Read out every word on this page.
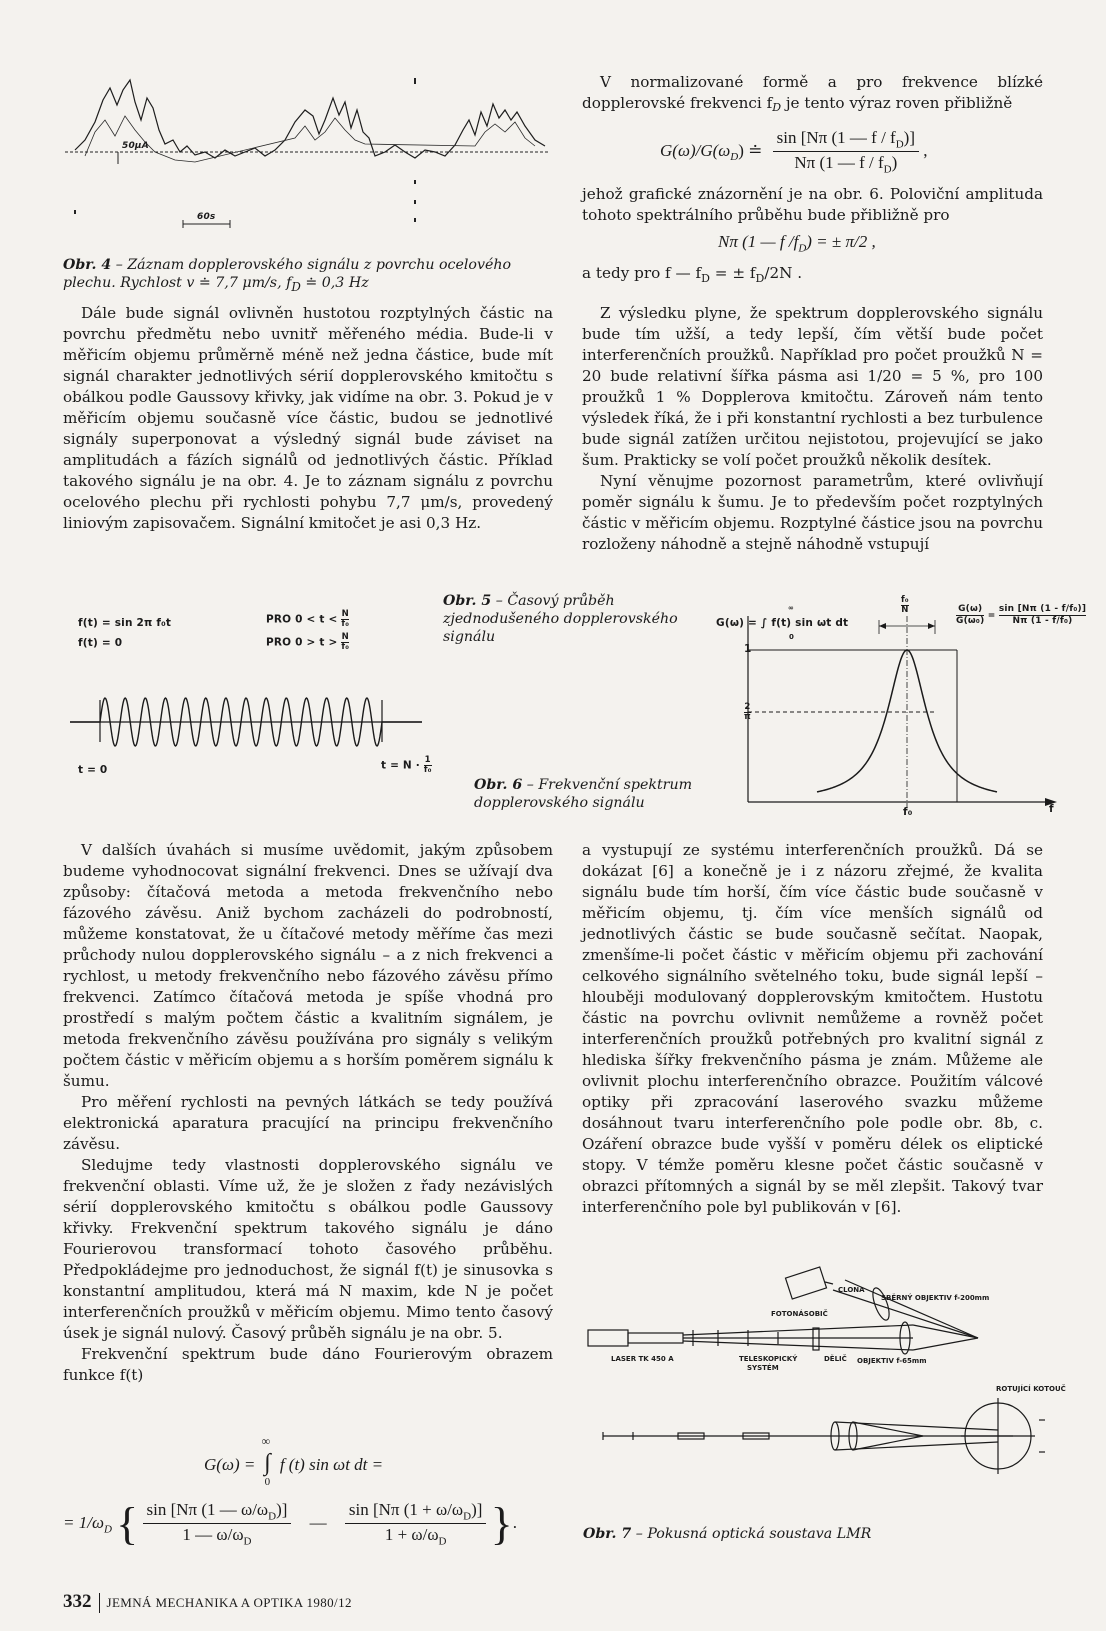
50μA
60s
Obr. 4 – Záznam dopplerovského signálu z povrchu ocelového plechu. Rychlost v ≐ 7,7 μm/s, $f_D$ ≐ 0,3 Hz

Dále bude signál ovlivněn hustotou rozptylných částic na povrchu předmětu nebo uvnitř měřeného média. Bude-li v měřicím objemu průměrně méně než jedna částice, bude mít signál charakter jednotlivých sérií dopplerovského kmitočtu s obálkou podle Gaussovy křivky, jak vidíme na obr. 3. Pokud je v měřicím objemu současně více částic, budou se jednotlivé signály superponovat a výsledný signál bude záviset na amplitudách a fázích signálů od jednotlivých částic. Příklad takového signálu je na obr. 4. Je to záznam signálu z povrchu ocelového plechu při rychlosti pohybu 7,7 μm/s, provedený liniovým zapisovačem. Signální kmitočet je asi 0,3 Hz.

V normalizované formě a pro frekvence blízké dopplerovské frekvenci fD je tento výraz roven přibližně

$G(\omega)/G(\omega_D)$ ≐ $\frac{\sin [N\pi (1 — f / f_D)]}{N\pi (1 — f / f_D)}$ ,

jehož grafické znázornění je na obr. 6. Poloviční amplituda tohoto spektrálního průběhu bude přibližně pro

Nπ (1 — f $/f_D$) = ± π/2 ,

a tedy pro f — $f_D$ = ± $f_D/2N$ .

Z výsledku plyne, že spektrum dopplerovského signálu bude tím užší, a tedy lepší, čím větší bude počet interferenčních proužků. Například pro počet proužků N = 20 bude relativní šířka pásma asi 1/20 = 5 %, pro 100 proužků 1 % Dopplerova kmitočtu. Zároveň nám tento výsledek říká, že i při konstantní rychlosti a bez turbulence bude signál zatížen určitou nejistotou, projevující se jako šum. Prakticky se volí počet proužků několik desítek.

Nyní věnujme pozornost parametrům, které ovlivňují poměr signálu k šumu. Je to především počet rozptylných částic v měřicím objemu. Rozptylné částice jsou na povrchu rozloženy náhodně a stejně náhodně vstupují

f(t) = sin 2π f₀t
f(t) = 0
PRO $0 < t < \frac{N}{\text{f₀}}$
PRO $0 > t > \frac{N}{\text{f₀}}$
t = 0	$t = N \cdot \frac{1}{\text{f₀}}$
Obr. 5 – Časový průběh zjednodušeného dopplerovského signálu
G(ω) = ∫ f(t) sin ωt dt
∞
0
f₀
N	$\frac{G(\omega)}{\text{G(ω₀)}} = \frac{\text{sin [Nπ (1 - f/f₀)]}}{\text{Nπ (1 - f/f₀)}}$
1
2
π
f₀	f
Obr. 6 – Frekvenční spektrum dopplerovského signálu

V dalších úvahách si musíme uvědomit, jakým způsobem budeme vyhodnocovat signální frekvenci. Dnes se užívají dva způsoby: čítačová metoda a metoda frekvenčního nebo fázového závěsu. Aniž bychom zacházeli do podrobností, můžeme konstatovat, že u čítačové metody měříme čas mezi průchody nulou dopplerovského signálu – a z nich frekvenci a rychlost, u metody frekvenčního nebo fázového závěsu přímo frekvenci. Zatímco čítačová metoda je spíše vhodná pro prostředí s malým počtem částic a kvalitním signálem, je metoda frekvenčního závěsu používána pro signály s velikým počtem částic v měřicím objemu a s horším poměrem signálu k šumu.

Pro měření rychlosti na pevných látkách se tedy používá elektronická aparatura pracující na principu frekvenčního závěsu.

Sledujme tedy vlastnosti dopplerovského signálu ve frekvenční oblasti. Víme už, že je složen z řady nezávislých sérií dopplerovského kmitočtu s obálkou podle Gaussovy křivky. Frekvenční spektrum takového signálu je dáno Fourierovou transformací tohoto časového průběhu. Předpokládejme pro jednoduchost, že signál f(t) je sinusovka s konstantní amplitudou, která má N maxim, kde N je počet interferenčních proužků v měřicím objemu. Mimo tento časový úsek je signál nulový. Časový průběh signálu je na obr. 5.

Frekvenční spektrum bude dáno Fourierovým obrazem funkce f(t)

G(ω) =
∞
∫
0
f (t) sin ωt dt =
= $1/\omega_D$ { $\frac{\sin [N\pi (1 — \omega/\omega_D)]}{1 — \omega/\omega_D}$ — $\frac{\sin [N\pi (1 + \omega/\omega_D)]}{1 + \omega/\omega_D}$ }.

a vystupují ze systému interferenčních proužků. Dá se dokázat [6] a konečně je i z názoru zřejmé, že kvalita signálu bude tím horší, čím více částic bude současně v měřicím objemu, tj. čím více menších signálů od jednotlivých částic se bude současně sečítat. Naopak, zmenšíme-li počet částic v měřicím objemu při zachování celkového signálního světelného toku, bude signál lepší – hlouběji modulovaný dopplerovským kmitočtem. Hustotu částic na povrchu ovlivnit nemůžeme a rovněž počet interferenčních proužků potřebných pro kvalitní signál z hlediska šířky frekvenčního pásma je znám. Můžeme ale ovlivnit plochu interferenčního obrazce. Použitím válcové optiky při zpracování laserového svazku můžeme dosáhnout tvaru interferenčního pole podle obr. 8b, c. Ozáření obrazce bude vyšší v poměru délek os eliptické stopy. V témže poměru klesne počet částic současně v obrazci přítomných a signál by se měl zlepšit. Takový tvar interferenčního pole byl publikován v [6].

CLONA
FOTONÁSOBIČ
SBĚRNÝ OBJEKTIV f-200mm
LASER TK 450 A	TELESKOPICKÝ
SYSTÉM
DĚLIČ OBJEKTIV f-65mm
ROTUJÍCÍ KOTOUČ
Obr. 7 – Pokusná optická soustava LMR
332 JEMNÁ MECHANIKA A OPTIKA 1980/12
